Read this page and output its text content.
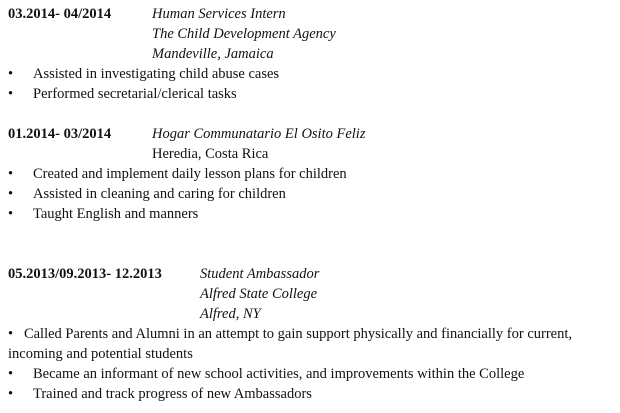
03.2014- 04/2014	Human Services Intern
The Child Development Agency
Mandeville, Jamaica
• Assisted in investigating child abuse cases
• Performed secretarial/clerical tasks
01.2014- 03/2014	Hogar Communatario El Osito Feliz
Heredia, Costa Rica
• Created and implement daily lesson plans for children
• Assisted in cleaning and caring for children
• Taught English and manners
05.2013/09.2013- 12.2013	Student Ambassador
Alfred State College
Alfred, NY
• Called Parents and Alumni in an attempt to gain support physically and financially for current, incoming and potential students
• Became an informant of new school activities, and improvements within the College
• Trained and track progress of new Ambassadors
